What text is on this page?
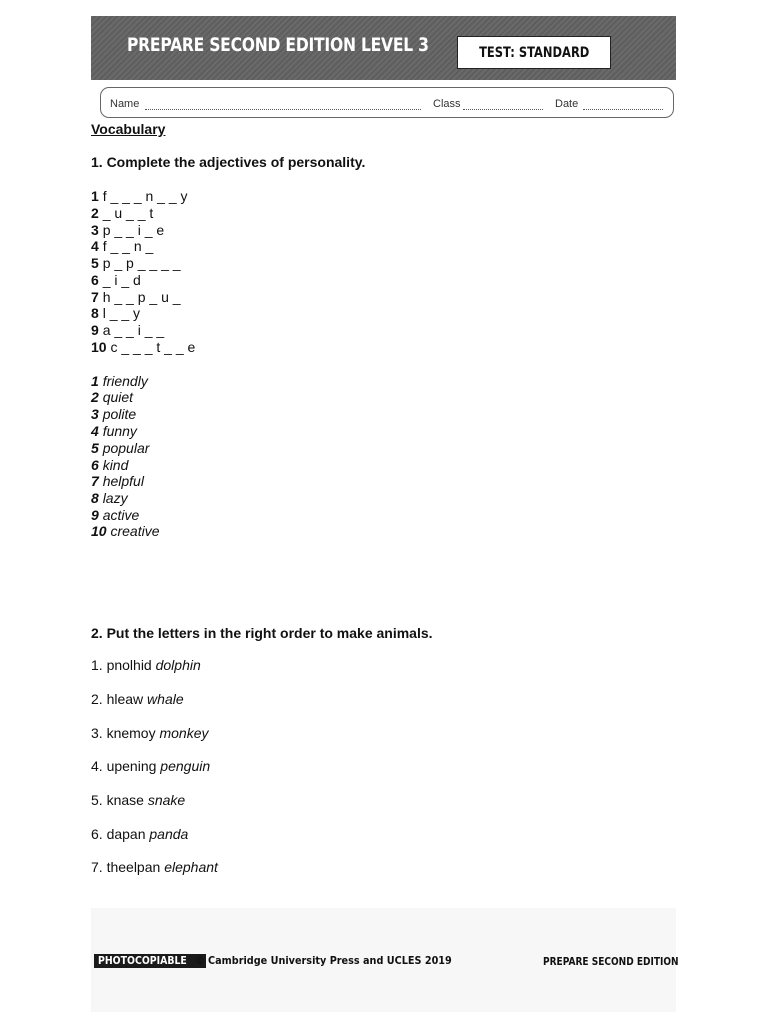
PREPARE SECOND EDITION LEVEL 3	TEST: STANDARD
Name	Class	Date
Vocabulary
1. Complete the adjectives of personality.
1 f _ _ _ n _ _ y
2 _ u _ _ t
3 p _ _ i _ e
4 f _ _ n _
5 p _ p _ _ _ _
6 _ i _ d
7 h _ _ p _ u _
8 l _ _ y
9 a _ _ i _ _
10 c _ _ _ t _ _ e
1 friendly
2 quiet
3 polite
4 funny
5 popular
6 kind
7 helpful
8 lazy
9 active
10 creative
2. Put the letters in the right order to make animals.
1. pnolhid dolphin
2. hleaw whale
3. knemoy monkey
4. upening penguin
5. knase snake
6. dapan panda
7. theelpan elephant
PHOTOCOPIABLE © Cambridge University Press and UCLES 2019	PREPARE SECOND EDITION
